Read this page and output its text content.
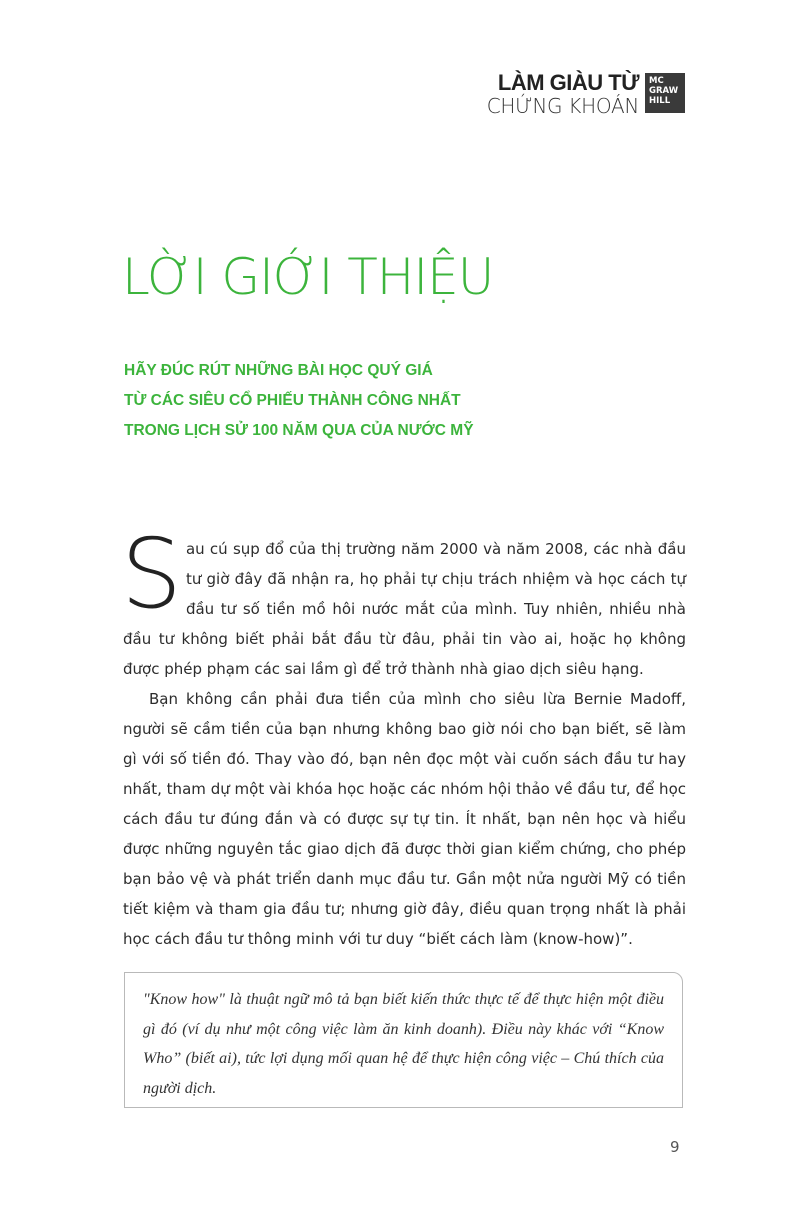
LÀM GIÀU TỪ
CHỨNG KHOÁN
MC
GRAW
HILL
LỜI GIỚI THIỆU
HÃY ĐÚC RÚT NHỮNG BÀI HỌC QUÝ GIÁ
TỪ CÁC SIÊU CỔ PHIẾU THÀNH CÔNG NHẤT
TRONG LỊCH SỬ 100 NĂM QUA CỦA NƯỚC MỸ

Sau cú sụp đổ của thị trường năm 2000 và năm 2008, các nhà đầu tư giờ đây đã nhận ra, họ phải tự chịu trách nhiệm và học cách tự đầu tư số tiền mồ hôi nước mắt của mình. Tuy nhiên, nhiều nhà đầu tư không biết phải bắt đầu từ đâu, phải tin vào ai, hoặc họ không được phép phạm các sai lầm gì để trở thành nhà giao dịch siêu hạng.

Bạn không cần phải đưa tiền của mình cho siêu lừa Bernie Madoff, người sẽ cầm tiền của bạn nhưng không bao giờ nói cho bạn biết, sẽ làm gì với số tiền đó. Thay vào đó, bạn nên đọc một vài cuốn sách đầu tư hay nhất, tham dự một vài khóa học hoặc các nhóm hội thảo về đầu tư, để học cách đầu tư đúng đắn và có được sự tự tin. Ít nhất, bạn nên học và hiểu được những nguyên tắc giao dịch đã được thời gian kiểm chứng, cho phép bạn bảo vệ và phát triển danh mục đầu tư. Gần một nửa người Mỹ có tiền tiết kiệm và tham gia đầu tư; nhưng giờ đây, điều quan trọng nhất là phải học cách đầu tư thông minh với tư duy “biết cách làm (know-how)”.

"Know how" là thuật ngữ mô tả bạn biết kiến thức thực tế để thực hiện một điều gì đó (ví dụ như một công việc làm ăn kinh doanh). Điều này khác với “Know Who” (biết ai), tức lợi dụng mối quan hệ để thực hiện công việc – Chú thích của người dịch.
9
